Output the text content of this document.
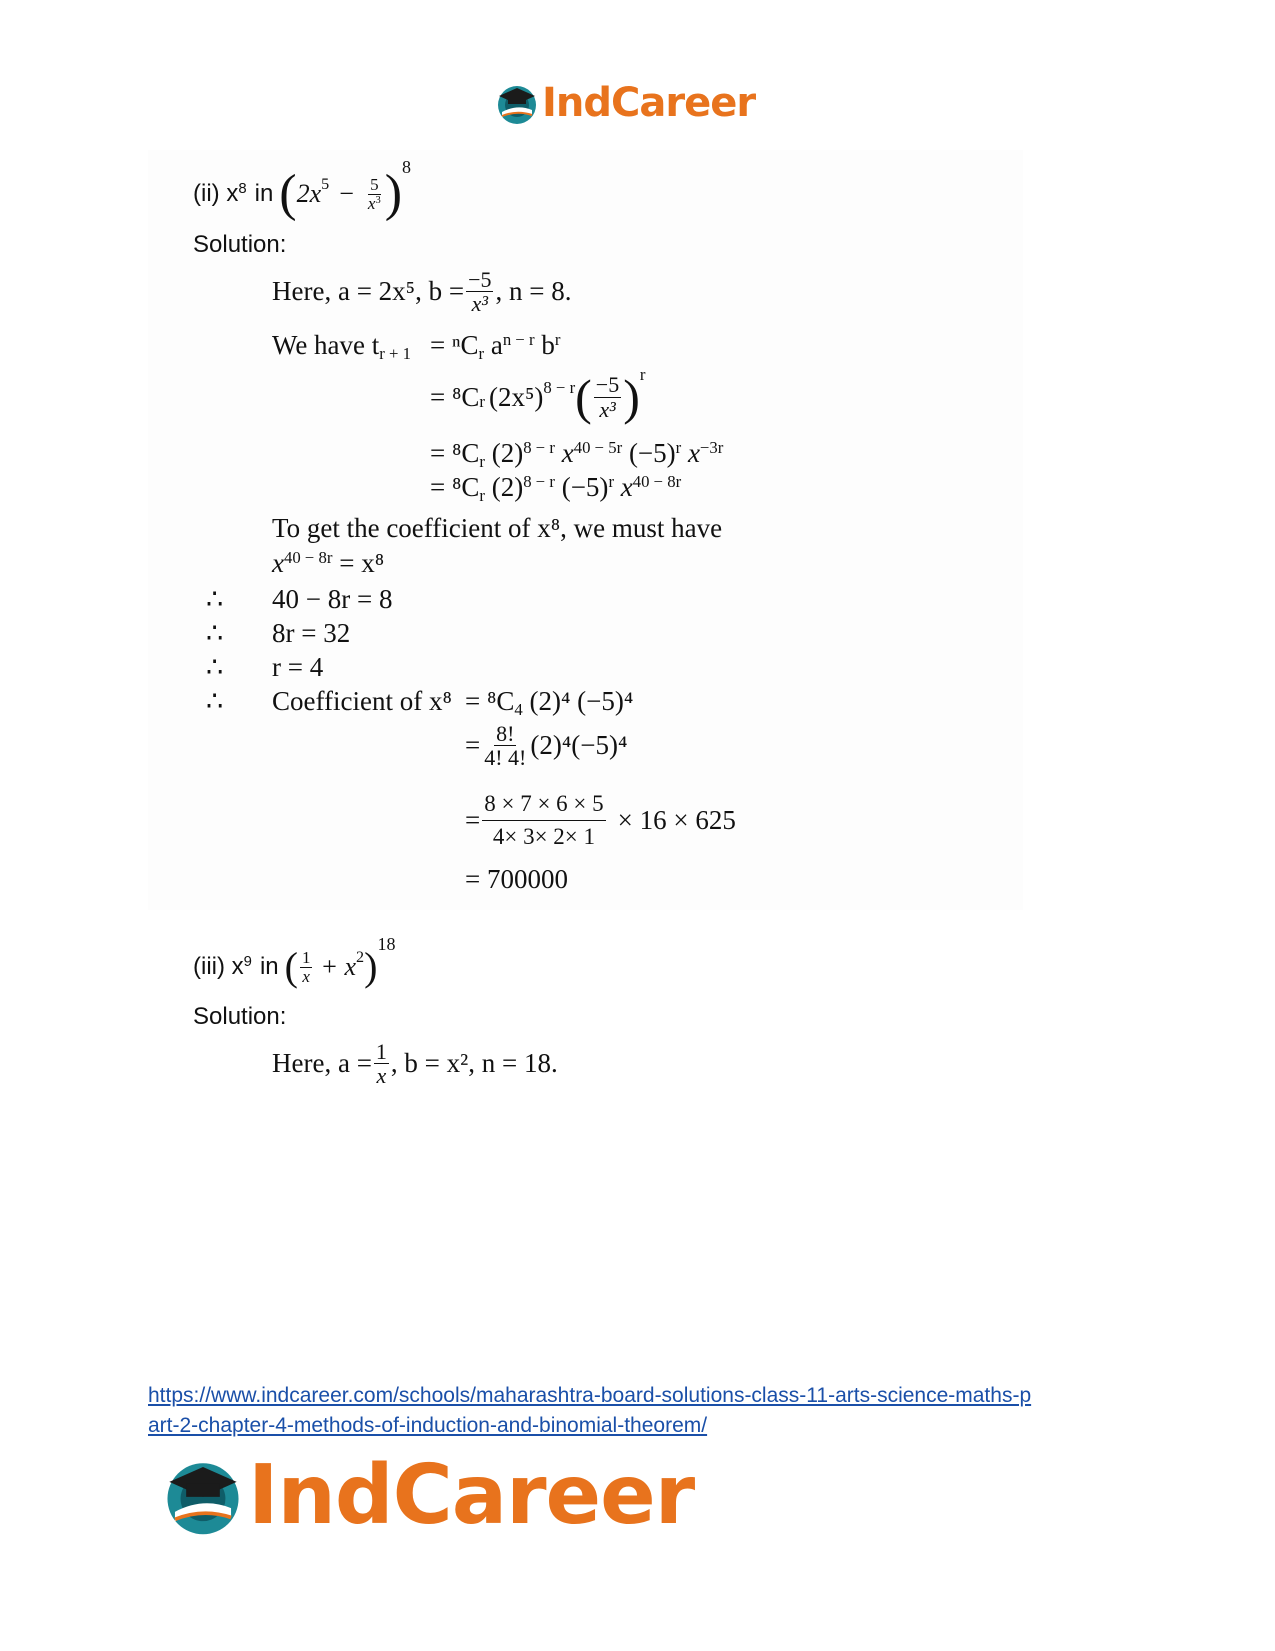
IndCareer
(ii) x $^8$ in ( $2x^5 - \frac{5}{x^3}$ )
Solution:
Here, a = 2x⁵, $b = \frac{-5}{\text{x³}}$ , n = 8.
We have $t_{r + 1} = ^nC_r$ $a^{n - r}$ $b^r$
= $^8C_r$ $(2x^5)^{8 - r}$ ( $\frac{-5}{\text{x³}} )^r$
= $^8C_r$ $(2)^{8 - r}$ $x^{40 - 5r}$ $(-5)^r$ $x^{-3r}$
= $^8C_r$ $(2)^{8 - r}$ $(-5)^r$ $x^{40 - 8r}$
To get the coefficient of x⁸, we must have
$x^{40 - 8r} = x^8$
∴ 40 − 8r = 8
∴ 8r = 32
∴ r = 4
∴ Coefficient of $x^8 = ^8C_4$ (2)⁴ (−5)⁴
= $\frac{8!}{4! 4!} (2)^4(-5)^4$
= $\frac{8 \times 7 \times 6 \times 5}{4\times 3\times 2\times 1} \times 16 \times 625$
= 700000
(iii) x $^9$ in ( $\frac{1}{x} + x^2$ )
$^{18}$
Solution:
Here, $a = \frac{1}{x}$ , b = x², n = 18.
https://www.indcareer.com/schools/maharashtra-board-solutions-class-11-arts-science-maths-p
art-2-chapter-4-methods-of-induction-and-binomial-theorem/
IndCareer
